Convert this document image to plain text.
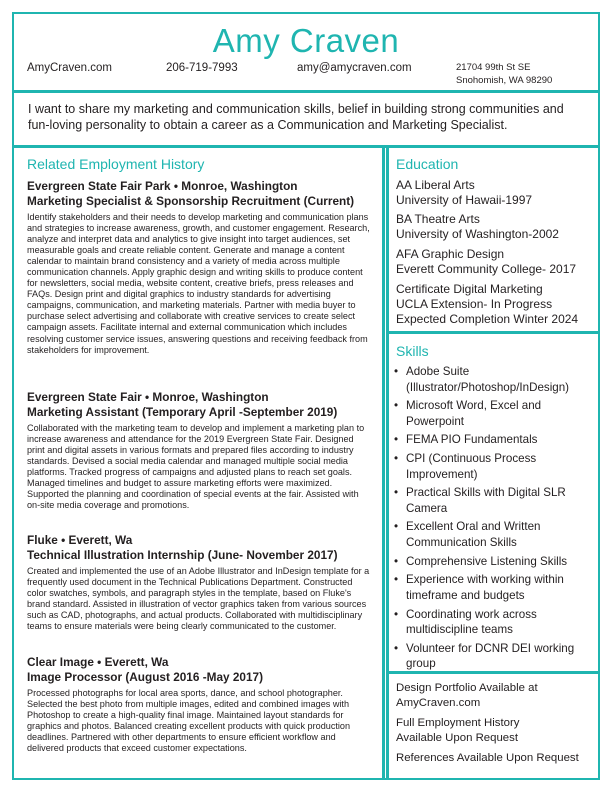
Amy Craven
AmyCraven.com	206-719-7993	amy@amycraven.com	21704 99th St SE
Snohomish, WA 98290
I want to share my marketing and communication skills, belief in building strong communities and fun-loving personality to obtain a career as a Communication and Marketing Specialist.
Related Employment History
Evergreen State Fair Park • Monroe, Washington
Marketing Specialist & Sponsorship Recruitment (Current)
Identify stakeholders and their needs to develop marketing and communication plans and strategies to increase awareness, growth, and customer engagement. Research, analyze and interpret data and analytics to give insight into target audiences, set measurable goals and create reliable content. Generate and manage a content calendar to maintain brand consistency and a variety of media across multiple communication channels. Apply graphic design and writing skills to produce content for newsletters, social media, website content, creative briefs, press releases and FAQs. Design print and digital graphics to industry standards for advertising campaigns, communication, and marketing materials. Partner with media buyer to purchase select advertising and collaborate with creative services to create select campaign assets. Facilitate internal and external communication which includes resolving customer service issues, answering questions and receiving feedback from stakeholders for improvement.
Evergreen State Fair • Monroe, Washington
Marketing Assistant (Temporary April -September 2019)
Collaborated with the marketing team to develop and implement a marketing plan to increase awareness and attendance for the 2019 Evergreen State Fair. Designed print and digital assets in various formats and prepared files according to industry standards. Devised a social media calendar and managed multiple social media platforms. Tracked progress of campaigns and adjusted plans to reach set goals. Managed timelines and budget to assure marketing efforts were maximized. Supported the planning and coordination of special events at the fair. Assisted with on-site media coverage and promotions.
Fluke • Everett, Wa
Technical Illustration Internship (June- November 2017)
Created and implemented the use of an Adobe Illustrator and InDesign template for a frequently used document in the Technical Publications Department. Constructed color swatches, symbols, and paragraph styles in the template, based on Fluke's brand standard. Assisted in illustration of vector graphics taken from various sources such as CAD, photographs, and actual products. Collaborated with multidisciplinary teams to ensure materials were being clearly communicated to the customer.
Clear Image • Everett, Wa
Image Processor (August 2016 -May 2017)
Processed photographs for local area sports, dance, and school photographer. Selected the best photo from multiple images, edited and combined images with Photoshop to create a high-quality final image. Maintained layout standards for graphics and photos. Balanced creating excellent products with quick production deadlines. Partnered with other departments to ensure efficient workflow and delivered products that exceed customer expectations.
Education
AA Liberal Arts
University of Hawaii-1997
BA Theatre Arts
University of Washington-2002
AFA Graphic Design
Everett Community College- 2017
Certificate Digital Marketing
UCLA Extension- In Progress
Expected Completion Winter 2024
Skills
• Adobe Suite (Illustrator/Photoshop/InDesign)
• Microsoft Word, Excel and Powerpoint
• FEMA PIO Fundamentals
• CPI (Continuous Process Improvement)
• Practical Skills with Digital SLR Camera
• Excellent Oral and Written Communication Skills
• Comprehensive Listening Skills
• Experience with working within timeframe and budgets
• Coordinating work across multidiscipline teams
• Volunteer for DCNR DEI working group
Design Portfolio Available at
AmyCraven.com
Full Employment History
Available Upon Request
References Available Upon Request
